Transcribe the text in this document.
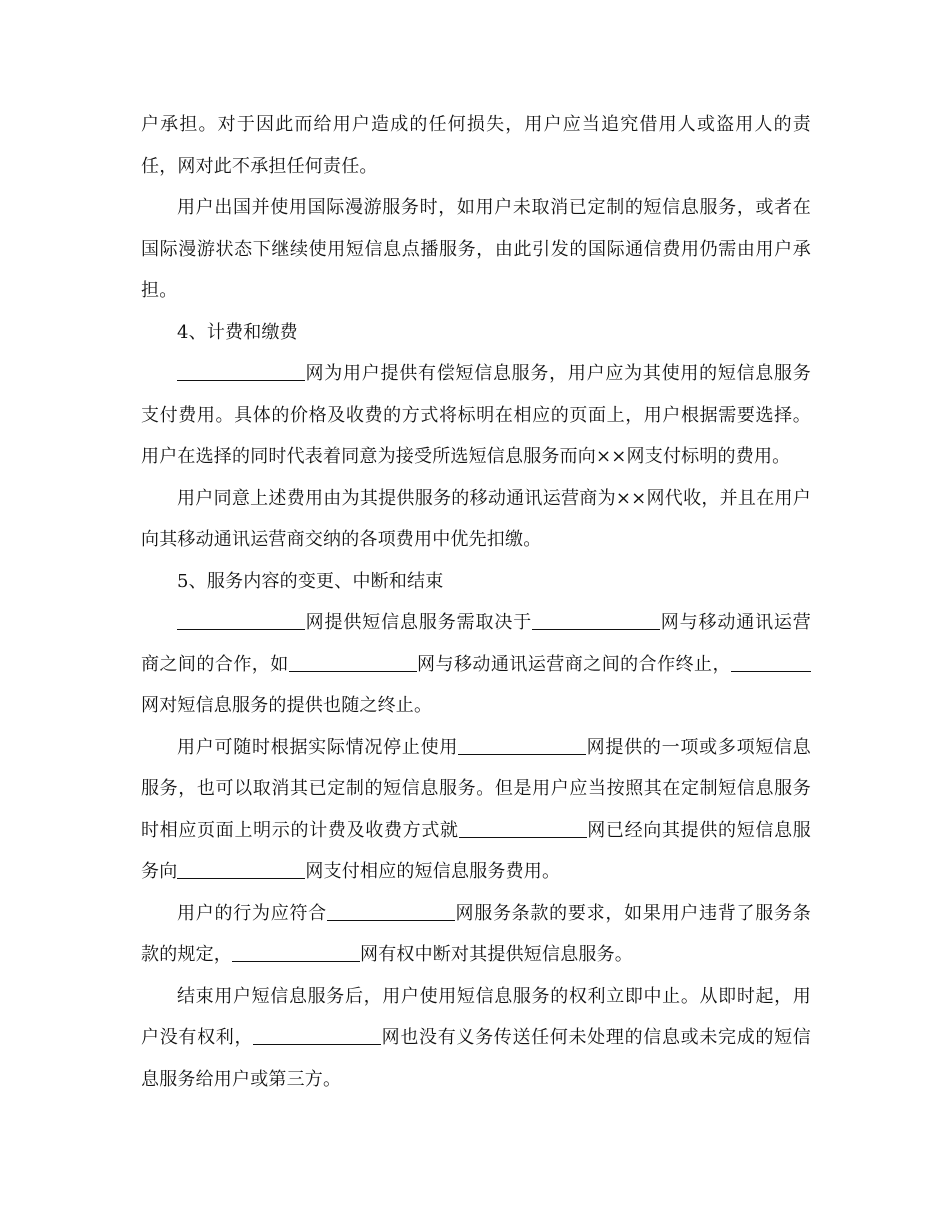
户承担。对于因此而给用户造成的任何损失，用户应当追究借用人或盗用人的责任，网对此不承担任何责任。

用户出国并使用国际漫游服务时，如用户未取消已定制的短信息服务，或者在国际漫游状态下继续使用短信息点播服务，由此引发的国际通信费用仍需由用户承担。

4、计费和缴费

网为用户提供有偿短信息服务，用户应为其使用的短信息服务支付费用。具体的价格及收费的方式将标明在相应的页面上，用户根据需要选择。用户在选择的同时代表着同意为接受所选短信息服务而向××网支付标明的费用。

用户同意上述费用由为其提供服务的移动通讯运营商为××网代收，并且在用户向其移动通讯运营商交纳的各项费用中优先扣缴。

5、服务内容的变更、中断和结束

网提供短信息服务需取决于	网与移动通讯运营商之间的合作，如	网与移动通讯运营商之间的合作终止，网对短信息服务的提供也随之终止。

用户可随时根据实际情况停止使用	网提供的一项或多项短信息服务，也可以取消其已定制的短信息服务。但是用户应当按照其在定制短信息服务时相应页面上明示的计费及收费方式就	网已经向其提供的短信息服务向	网支付相应的短信息服务费用。

用户的行为应符合	网服务条款的要求，如果用户违背了服务条款的规定，	网有权中断对其提供短信息服务。

结束用户短信息服务后，用户使用短信息服务的权利立即中止。从即时起，用户没有权利，	网也没有义务传送任何未处理的信息或未完成的短信息服务给用户或第三方。
